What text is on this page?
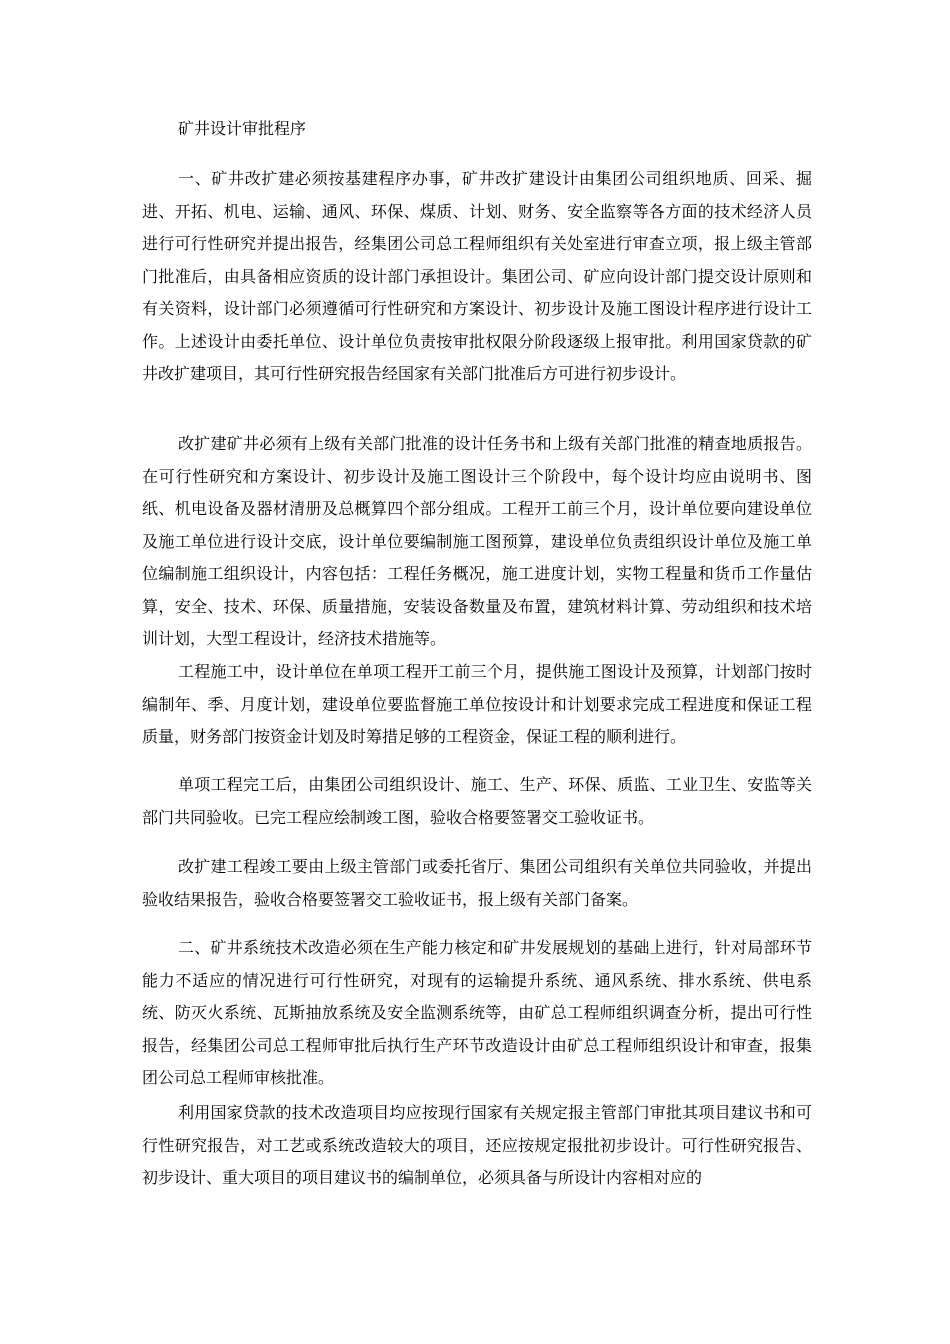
矿井设计审批程序

一、矿井改扩建必须按基建程序办事，矿井改扩建设计由集团公司组织地质、回采、掘进、开拓、机电、运输、通风、环保、煤质、计划、财务、安全监察等各方面的技术经济人员进行可行性研究并提出报告，经集团公司总工程师组织有关处室进行审查立项，报上级主管部门批准后，由具备相应资质的设计部门承担设计。集团公司、矿应向设计部门提交设计原则和有关资料，设计部门必须遵循可行性研究和方案设计、初步设计及施工图设计程序进行设计工作。上述设计由委托单位、设计单位负责按审批权限分阶段逐级上报审批。利用国家贷款的矿井改扩建项目，其可行性研究报告经国家有关部门批准后方可进行初步设计。

改扩建矿井必须有上级有关部门批准的设计任务书和上级有关部门批准的精查地质报告。在可行性研究和方案设计、初步设计及施工图设计三个阶段中，每个设计均应由说明书、图纸、机电设备及器材清册及总概算四个部分组成。工程开工前三个月，设计单位要向建设单位及施工单位进行设计交底，设计单位要编制施工图预算，建设单位负责组织设计单位及施工单位编制施工组织设计，内容包括：工程任务概况，施工进度计划，实物工程量和货币工作量估算，安全、技术、环保、质量措施，安装设备数量及布置，建筑材料计算、劳动组织和技术培训计划，大型工程设计，经济技术措施等。

工程施工中，设计单位在单项工程开工前三个月，提供施工图设计及预算，计划部门按时编制年、季、月度计划，建设单位要监督施工单位按设计和计划要求完成工程进度和保证工程质量，财务部门按资金计划及时筹措足够的工程资金，保证工程的顺利进行。

单项工程完工后，由集团公司组织设计、施工、生产、环保、质监、工业卫生、安监等关部门共同验收。已完工程应绘制竣工图，验收合格要签署交工验收证书。

改扩建工程竣工要由上级主管部门或委托省厅、集团公司组织有关单位共同验收，并提出验收结果报告，验收合格要签署交工验收证书，报上级有关部门备案。

二、矿井系统技术改造必须在生产能力核定和矿井发展规划的基础上进行，针对局部环节能力不适应的情况进行可行性研究，对现有的运输提升系统、通风系统、排水系统、供电系统、防灭火系统、瓦斯抽放系统及安全监测系统等，由矿总工程师组织调查分析，提出可行性报告，经集团公司总工程师审批后执行生产环节改造设计由矿总工程师组织设计和审查，报集团公司总工程师审核批准。

利用国家贷款的技术改造项目均应按现行国家有关规定报主管部门审批其项目建议书和可行性研究报告，对工艺或系统改造较大的项目，还应按规定报批初步设计。可行性研究报告、初步设计、重大项目的项目建议书的编制单位，必须具备与所设计内容相对应的
